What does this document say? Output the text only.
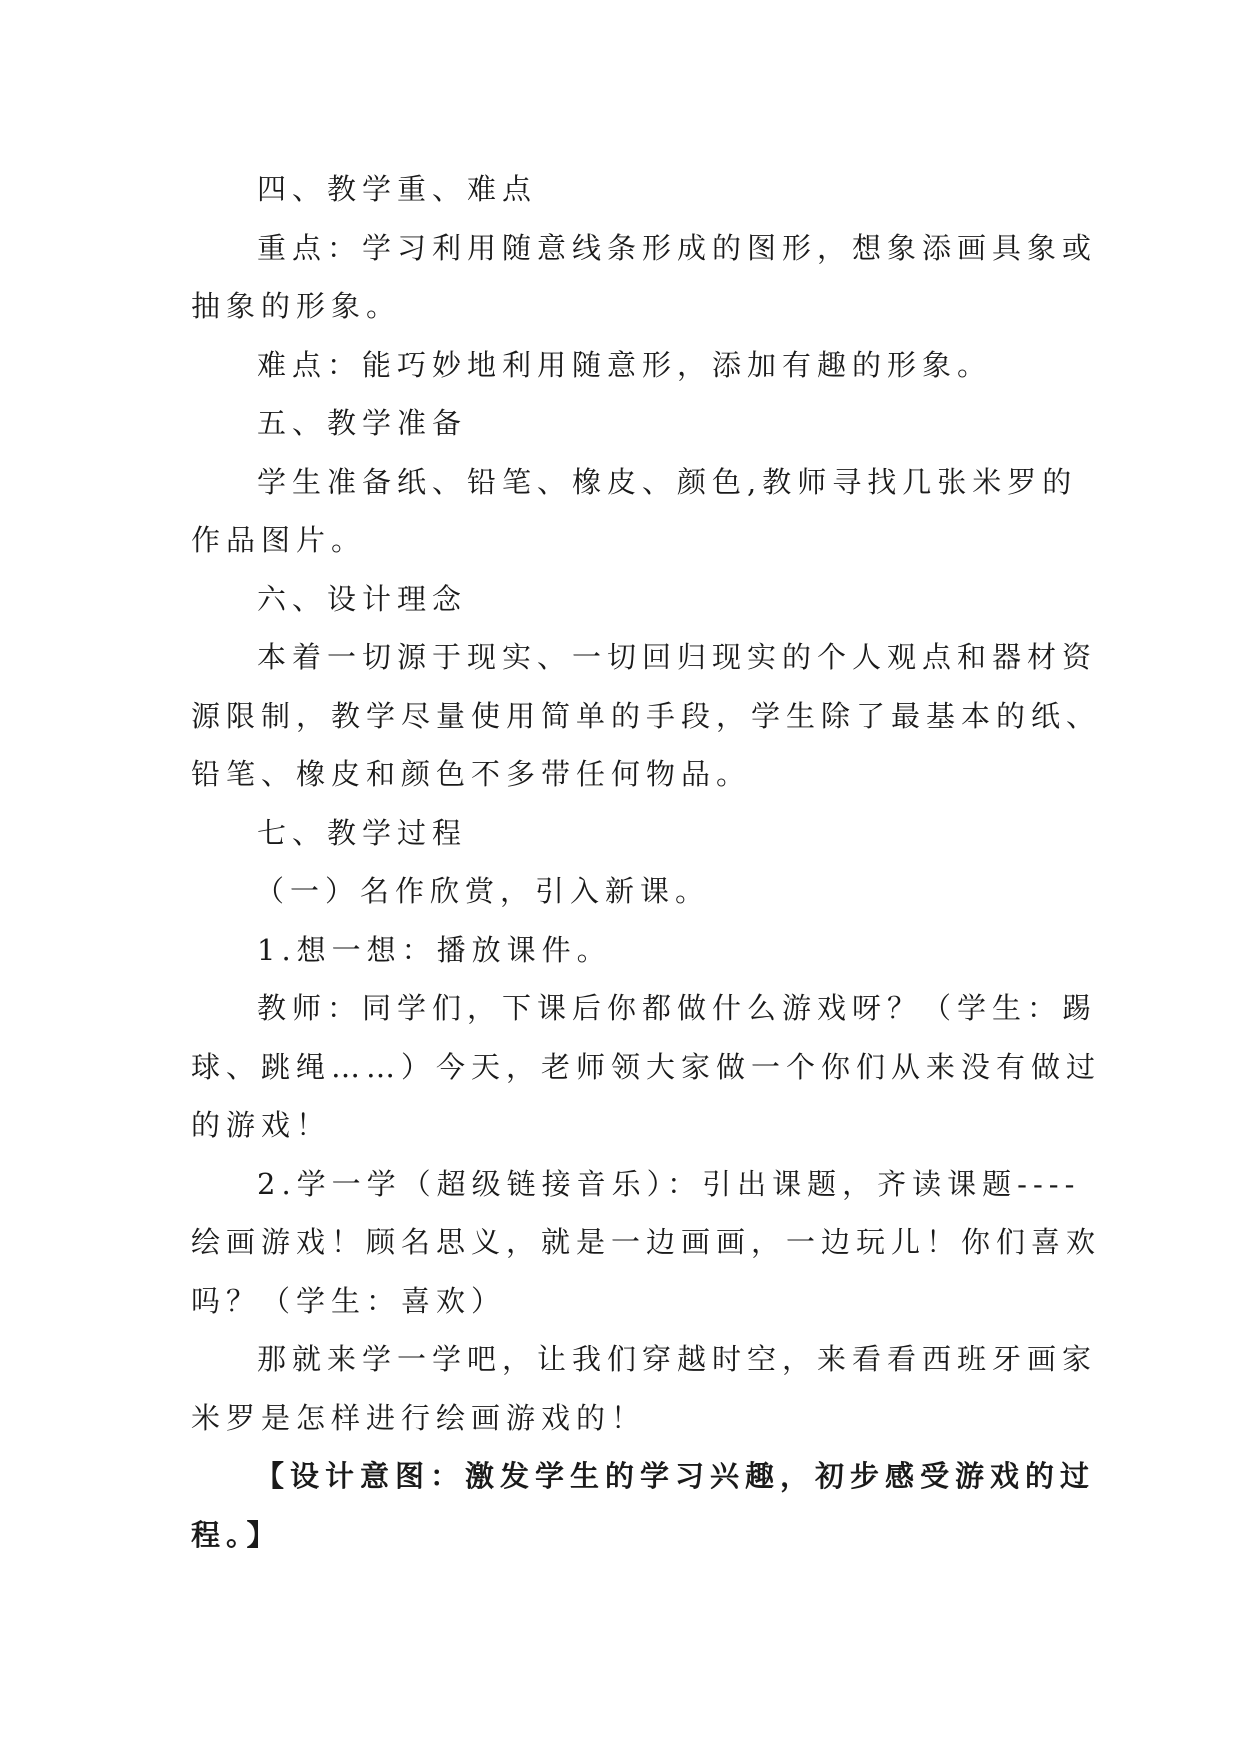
四、教学重、难点
重点：学习利用随意线条形成的图形，想象添画具象或
抽象的形象。
难点：能巧妙地利用随意形，添加有趣的形象。
五、教学准备
学生准备纸、铅笔、橡皮、颜色,教师寻找几张米罗的
作品图片。
六、设计理念
本着一切源于现实、一切回归现实的个人观点和器材资
源限制，教学尽量使用简单的手段，学生除了最基本的纸、
铅笔、橡皮和颜色不多带任何物品。
七、教学过程
（一）名作欣赏，引入新课。
1.想一想：播放课件。
教师：同学们，下课后你都做什么游戏呀？（学生：踢
球、跳绳……）今天，老师领大家做一个你们从来没有做过
的游戏！
2.学一学（超级链接音乐）：引出课题，齐读课题----
绘画游戏！顾名思义，就是一边画画，一边玩儿！你们喜欢
吗？（学生：喜欢）
那就来学一学吧，让我们穿越时空，来看看西班牙画家
米罗是怎样进行绘画游戏的！
【设计意图：激发学生的学习兴趣，初步感受游戏的过
程。】
